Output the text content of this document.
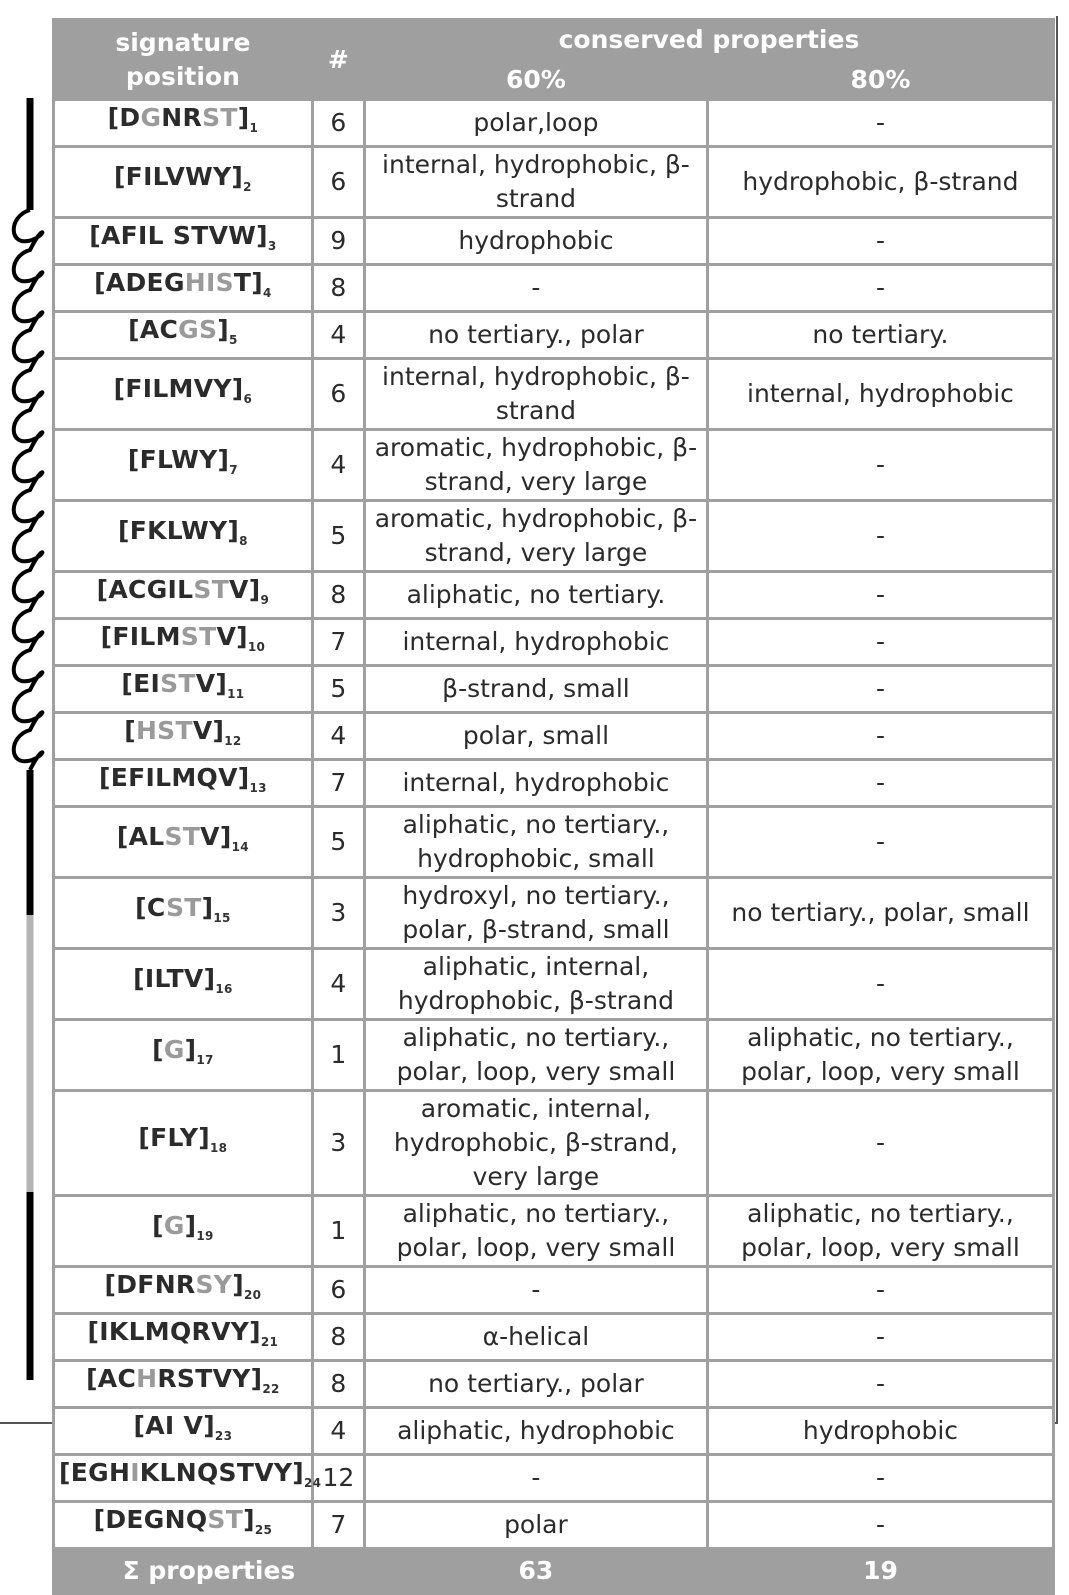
signature position	#	conserved properties	
		60%	80%
$[DGNRST]_1$	6	polar,loop	-
$[FILVWY]_2$	6	internal, hydrophobic, β-strand	hydrophobic, β-strand
[AFIL $STVW]_3$	9	hydrophobic	-
$[ADEGHIST]_4$	8	-	-
$[ACGS]_5$	4	no tertiary., polar	no tertiary.
$[FILMVY]_6$	6	internal, hydrophobic, β-strand	internal, hydrophobic
$[FLWY]_7$	4	aromatic, hydrophobic, β-strand, very large	-
$[FKLWY]_8$	5	aromatic, hydrophobic, β-strand, very large	-
$[ACGILSTV]_9$	8	aliphatic, no tertiary.	-
$[FILMSTV]_{10}$	7	internal, hydrophobic	-
$[EISTV]_{11}$	5	β-strand, small	-
$[HSTV]_{12}$	4	polar, small	-
$[EFILMQV]_{13}$	7	internal, hydrophobic	-
$[ALSTV]_{14}$	5	aliphatic, no tertiary., hydrophobic, small	-
$[CST]_{15}$	3	hydroxyl, no tertiary., polar, β-strand, small	no tertiary., polar, small
$[ILTV]_{16}$	4	aliphatic, internal, hydrophobic, β-strand	-
$[G]_{17}$	1	aliphatic, no tertiary., polar, loop, very small	aliphatic, no tertiary., polar, loop, very small
$[FLY]_{18}$	3	aromatic, internal, hydrophobic, β-strand, very large	-
$[G]_{19}$	1	aliphatic, no tertiary., polar, loop, very small	aliphatic, no tertiary., polar, loop, very small
$[DFNRSY]_{20}$	6	-	-
$[IKLMQRVY]_{21}$	8	α-helical	-
$[ACHRSTVY]_{22}$	8	no tertiary., polar	-
[AI $V]_{23}$	4	aliphatic, hydrophobic	hydrophobic
$[EGHIKLNQSTVY]_{24}$	12	-	-
$[DEGNQST]_{25}$	7	polar	-
Σ properties		63	19
